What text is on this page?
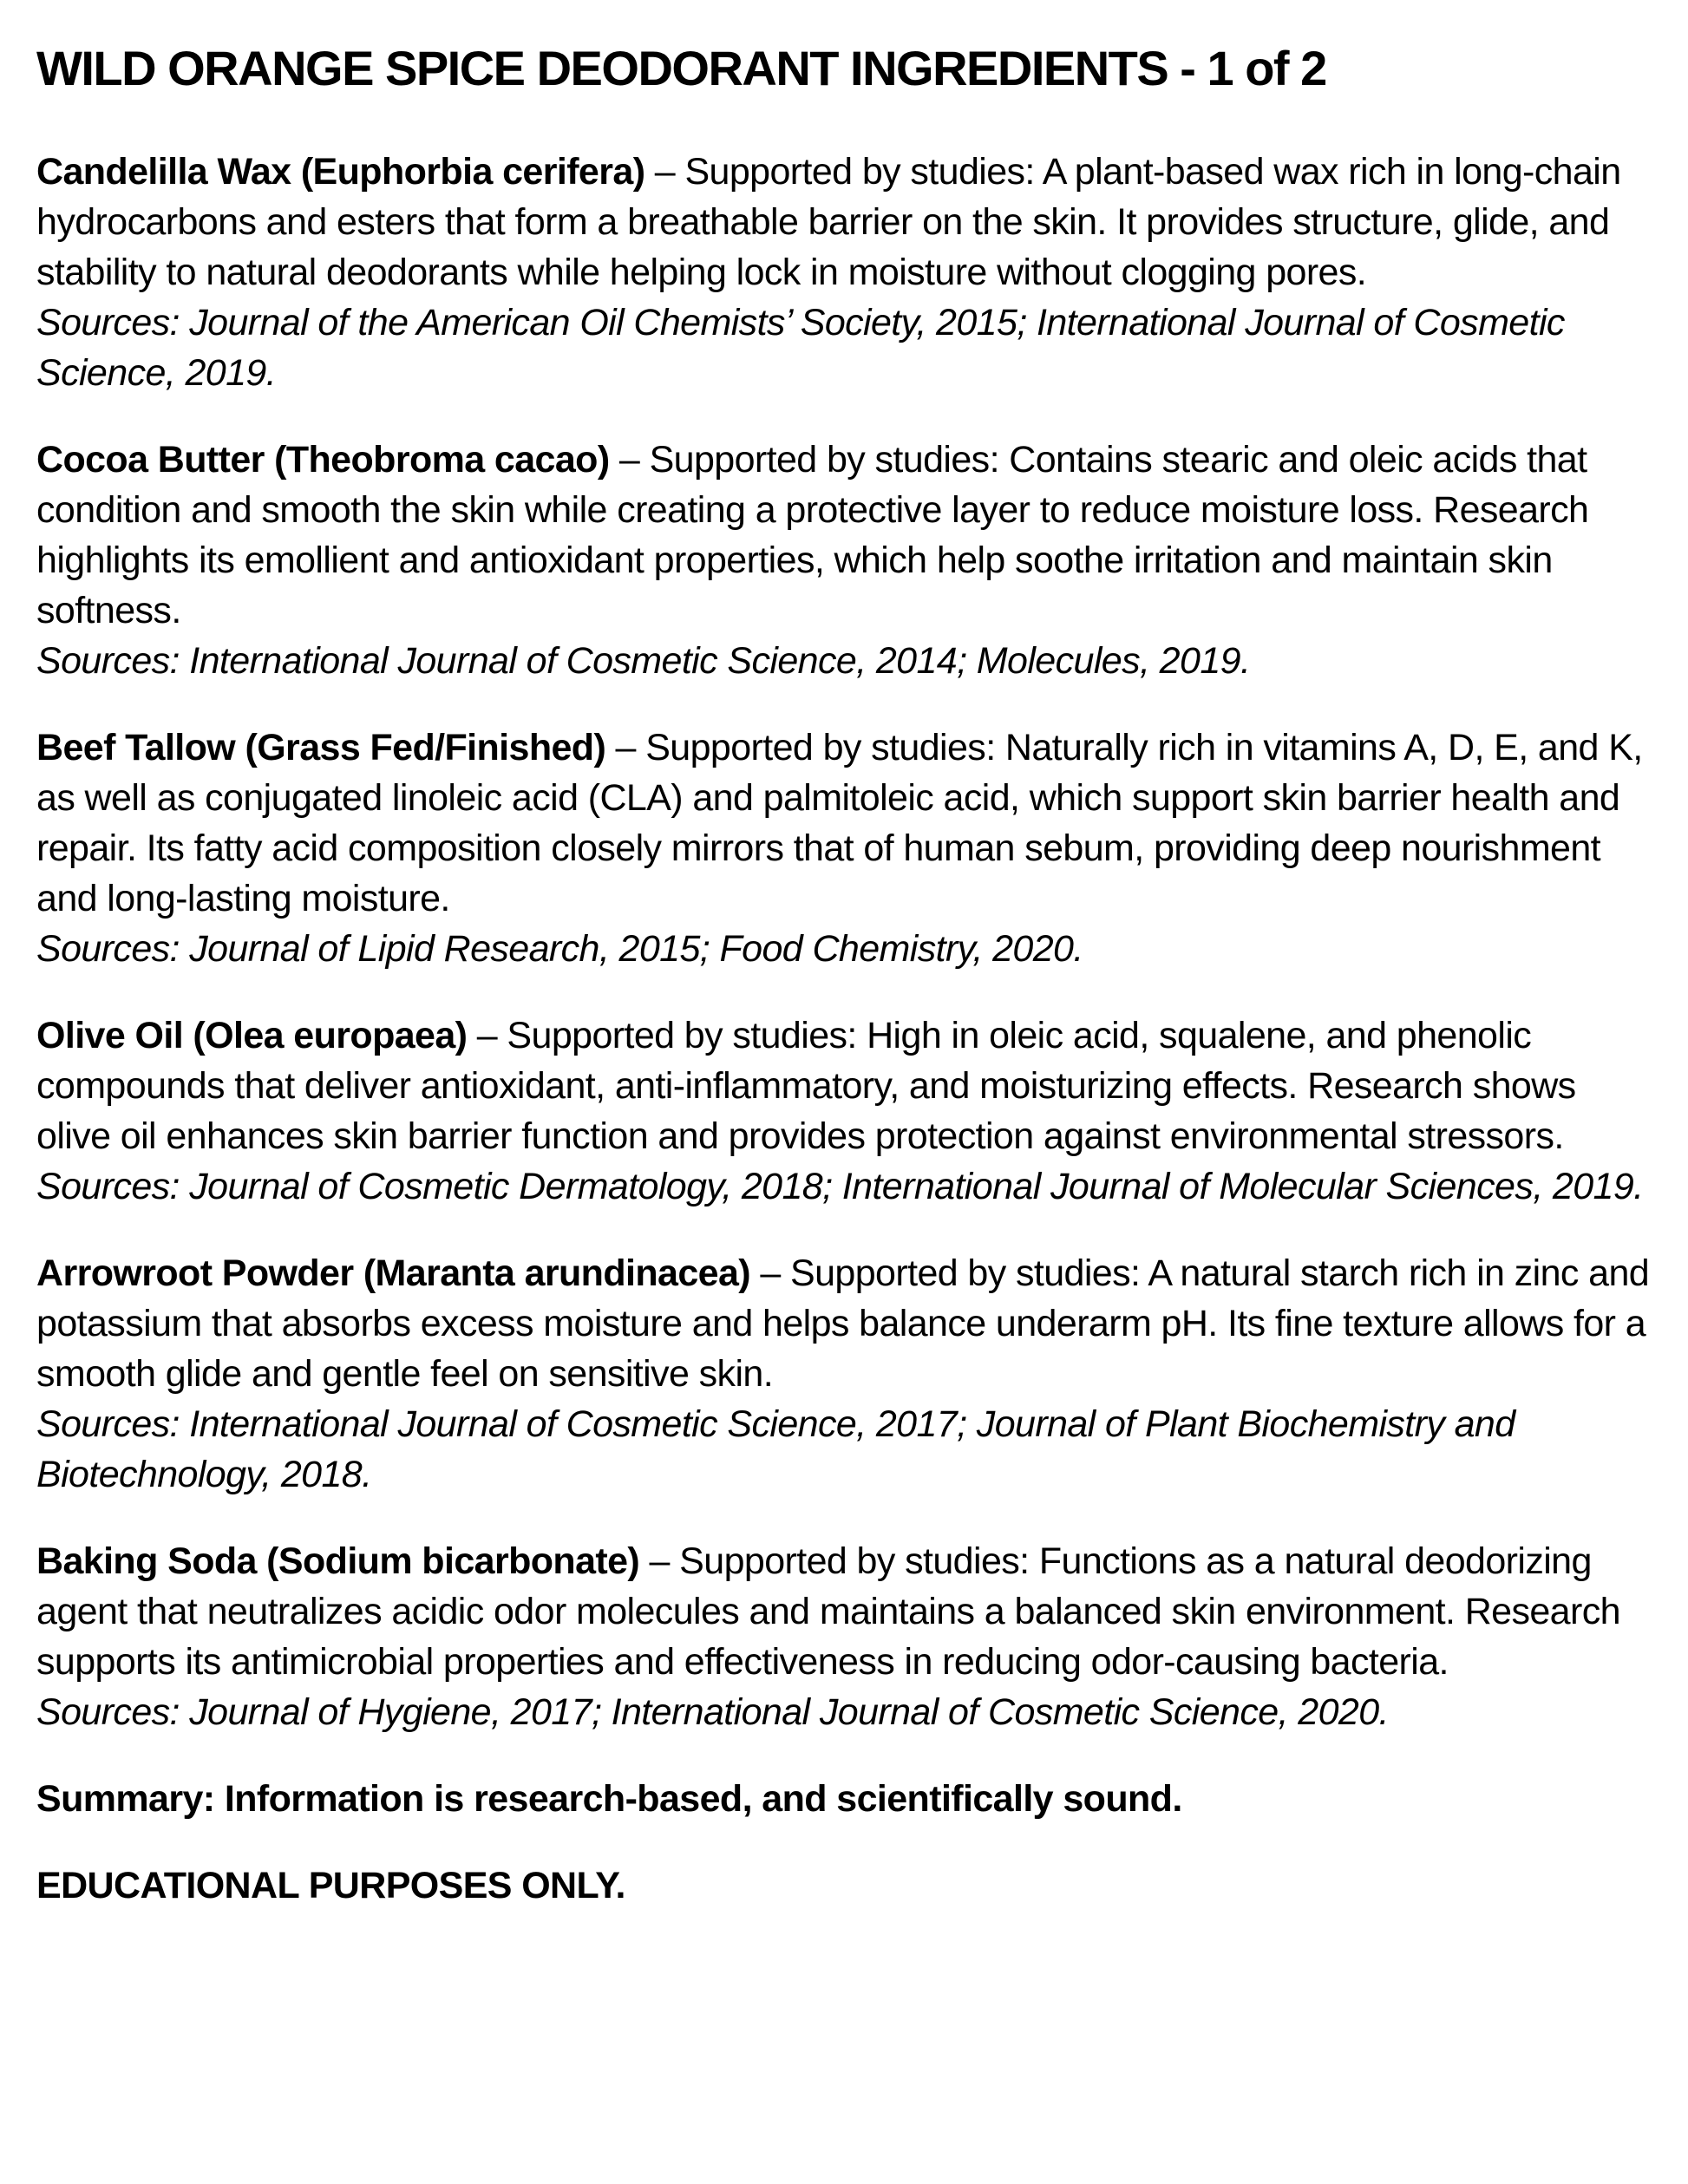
WILD ORANGE SPICE DEODORANT INGREDIENTS - 1 of 2

Candelilla Wax (Euphorbia cerifera) – Supported by studies: A plant-based wax rich in long-chain hydrocarbons and esters that form a breathable barrier on the skin. It provides structure, glide, and stability to natural deodorants while helping lock in moisture without clogging pores.

Sources: Journal of the American Oil Chemists’ Society, 2015; International Journal of Cosmetic Science, 2019.

Cocoa Butter (Theobroma cacao) – Supported by studies: Contains stearic and oleic acids that condition and smooth the skin while creating a protective layer to reduce moisture loss. Research highlights its emollient and antioxidant properties, which help soothe irritation and maintain skin softness.

Sources: International Journal of Cosmetic Science, 2014; Molecules, 2019.

Beef Tallow (Grass Fed/Finished) – Supported by studies: Naturally rich in vitamins A, D, E, and K, as well as conjugated linoleic acid (CLA) and palmitoleic acid, which support skin barrier health and repair. Its fatty acid composition closely mirrors that of human sebum, providing deep nourishment and long-lasting moisture.

Sources: Journal of Lipid Research, 2015; Food Chemistry, 2020.

Olive Oil (Olea europaea) – Supported by studies: High in oleic acid, squalene, and phenolic compounds that deliver antioxidant, anti-inflammatory, and moisturizing effects. Research shows olive oil enhances skin barrier function and provides protection against environmental stressors.

Sources: Journal of Cosmetic Dermatology, 2018; International Journal of Molecular Sciences, 2019.

Arrowroot Powder (Maranta arundinacea) – Supported by studies: A natural starch rich in zinc and potassium that absorbs excess moisture and helps balance underarm pH. Its fine texture allows for a smooth glide and gentle feel on sensitive skin.

Sources: International Journal of Cosmetic Science, 2017; Journal of Plant Biochemistry and Biotechnology, 2018.

Baking Soda (Sodium bicarbonate) – Supported by studies: Functions as a natural deodorizing agent that neutralizes acidic odor molecules and maintains a balanced skin environment. Research supports its antimicrobial properties and effectiveness in reducing odor-causing bacteria.

Sources: Journal of Hygiene, 2017; International Journal of Cosmetic Science, 2020.

Summary: Information is research-based, and scientifically sound.

EDUCATIONAL PURPOSES ONLY.
